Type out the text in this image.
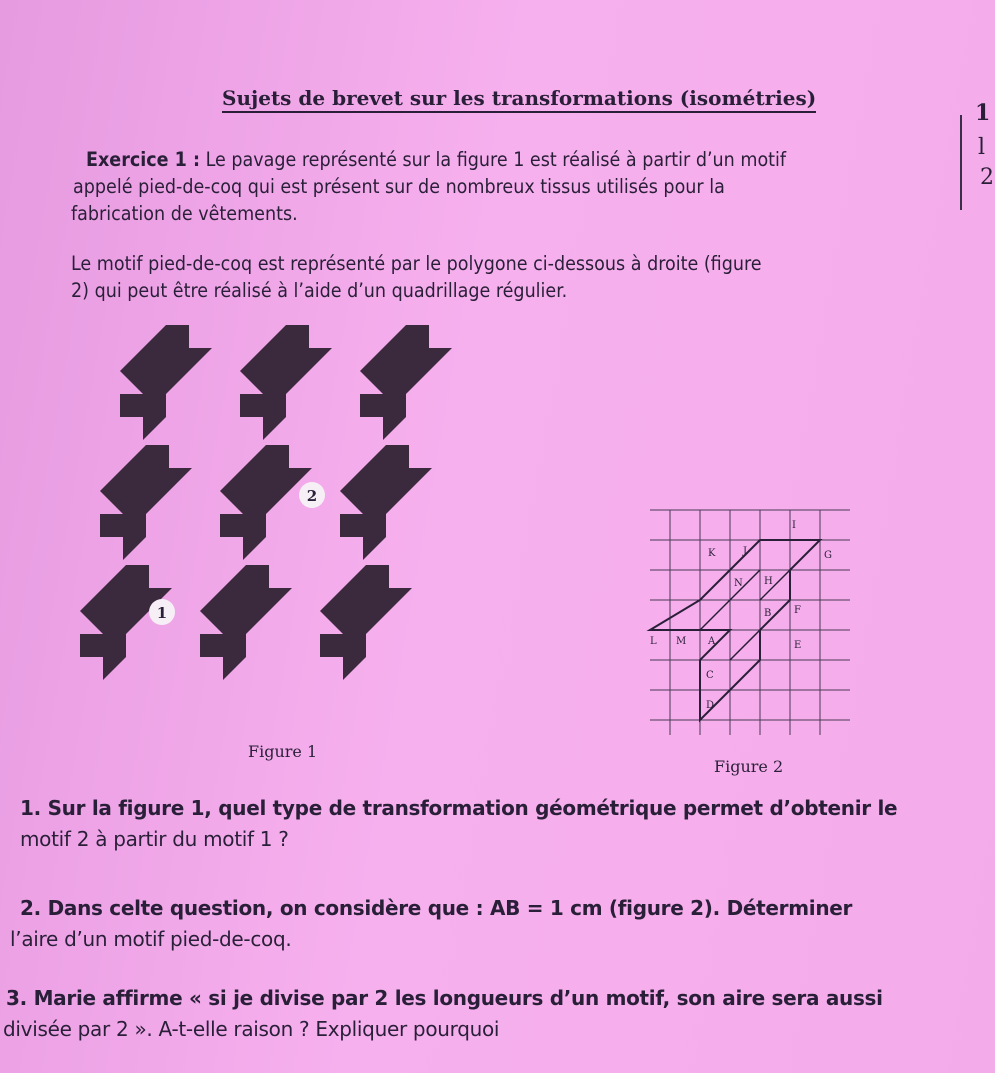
Sujets de brevet sur les transformations (isométries)
1
l
2
Exercice 1 : Le pavage représenté sur la figure 1 est réalisé à partir d’un motif
appelé pied-de-coq qui est présent sur de nombreux tissus utilisés pour la
fabrication de vêtements.
Le motif pied-de-coq est représenté par le polygone ci-dessous à droite (figure
2) qui peut être réalisé à l’aide d’un quadrillage régulier.
2
1
Figure 1
I
K	J	G
N H
B F
L M A	E
C
D
Figure 2
1. Sur la figure 1, quel type de transformation géométrique permet d’obtenir le
motif 2 à partir du motif 1 ?
2. Dans celte question, on considère que : AB = 1 cm (figure 2). Déterminer
l’aire d’un motif pied-de-coq.
3. Marie affirme « si je divise par 2 les longueurs d’un motif, son aire sera aussi
divisée par 2 ». A-t-elle raison ? Expliquer pourquoi
